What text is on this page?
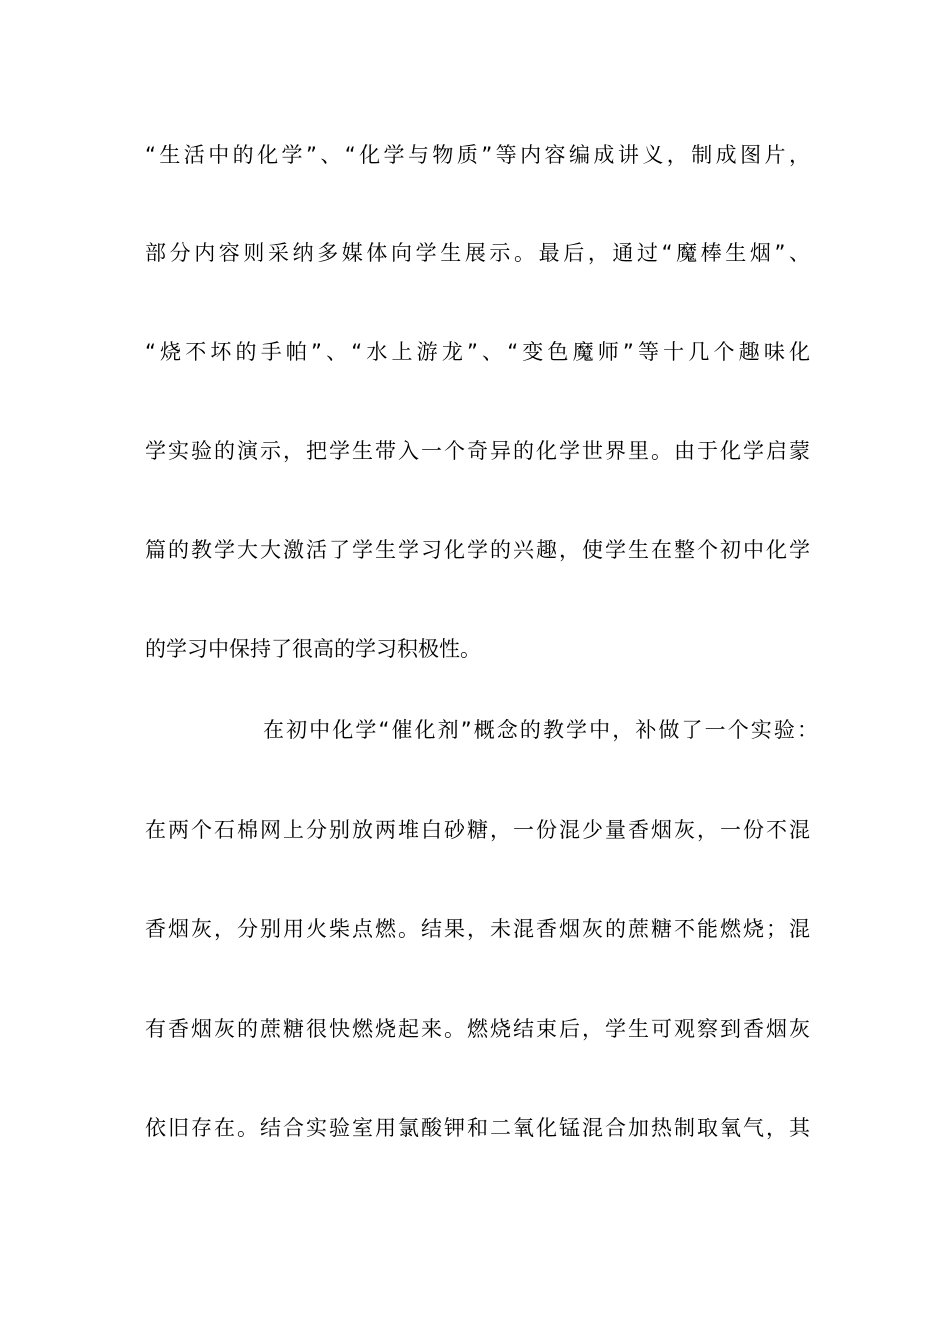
“生活中的化学”、“化学与物质”等内容编成讲义，制成图片，
部分内容则采纳多媒体向学生展示。最后，通过“魔棒生烟”、
“烧不坏的手帕”、“水上游龙”、“变色魔师”等十几个趣味化
学实验的演示，把学生带入一个奇异的化学世界里。由于化学启蒙
篇的教学大大激活了学生学习化学的兴趣，使学生在整个初中化学
的学习中保持了很高的学习积极性。
在初中化学“催化剂”概念的教学中，补做了一个实验：
在两个石棉网上分别放两堆白砂糖，一份混少量香烟灰，一份不混
香烟灰，分别用火柴点燃。结果，未混香烟灰的蔗糖不能燃烧；混
有香烟灰的蔗糖很快燃烧起来。燃烧结束后，学生可观察到香烟灰
依旧存在。结合实验室用氯酸钾和二氧化锰混合加热制取氧气，其
